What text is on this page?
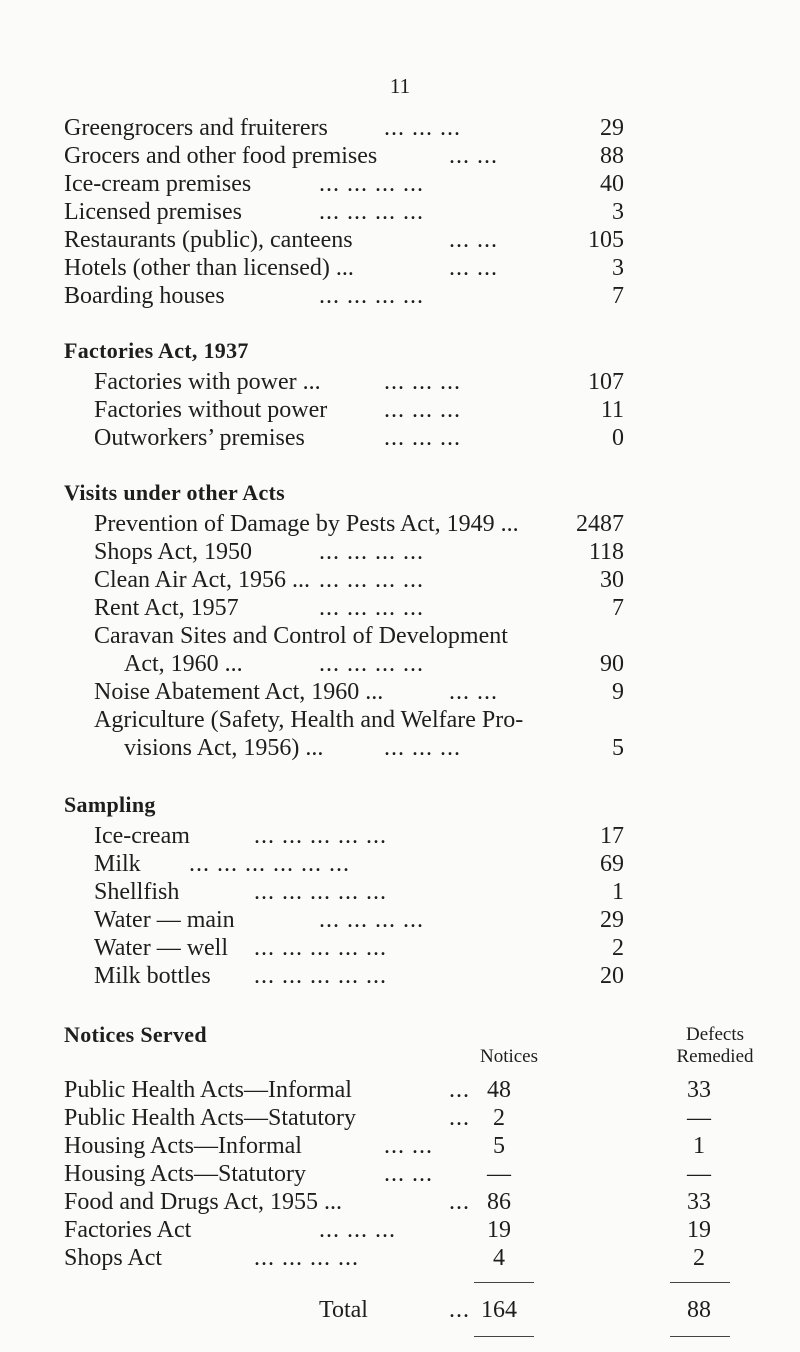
11
Greengrocers and fruiterers ... ... ...	29
Grocers and other food premises	... ...	88
Ice-cream premises	... ... ... ...	40
Licensed premises	... ... ... ...	3
Restaurants (public), canteens	... ...	105
Hotels (other than licensed) ...	... ...	3
Boarding houses	... ... ... ...	7
Factories Act, 1937
Factories with power ...	... ... ...	107
Factories without power ... ... ...	11
Outworkers’ premises	... ... ...	0
Visits under other Acts
Prevention of Damage by Pests Act, 1949 ... 2487
Shops Act, 1950	... ... ... ...	118
Clean Air Act, 1956 ... ... ... ... ...	30
Rent Act, 1957	... ... ... ...	7
Caravan Sites and Control of Development
Act, 1960 ...	... ... ... ...	90
Noise Abatement Act, 1960 ...	... ...	9
Agriculture (Safety, Health and Welfare Pro-
visions Act, 1956) ...	... ... ...	5
Sampling
Ice-cream	... ... ... ... ...	17
Milk ... ... ... ... ... ...	69
Shellfish	... ... ... ... ...	1
Water — main	... ... ... ...	29
Water — well ... ... ... ... ...	2
Milk bottles ... ... ... ... ...	20
Notices Served	Defects
Remedied
Notices
Public Health Acts—Informal	... 48	33
Public Health Acts—Statutory	... 2	—
Housing Acts—Informal	... ...	5	1
Housing Acts—Statutory	... ...	—	—
Food and Drugs Act, 1955 ...	... 86	33
Factories Act	... ... ...	19	19
Shops Act	... ... ... ...	4	2
Total	... 164	88
